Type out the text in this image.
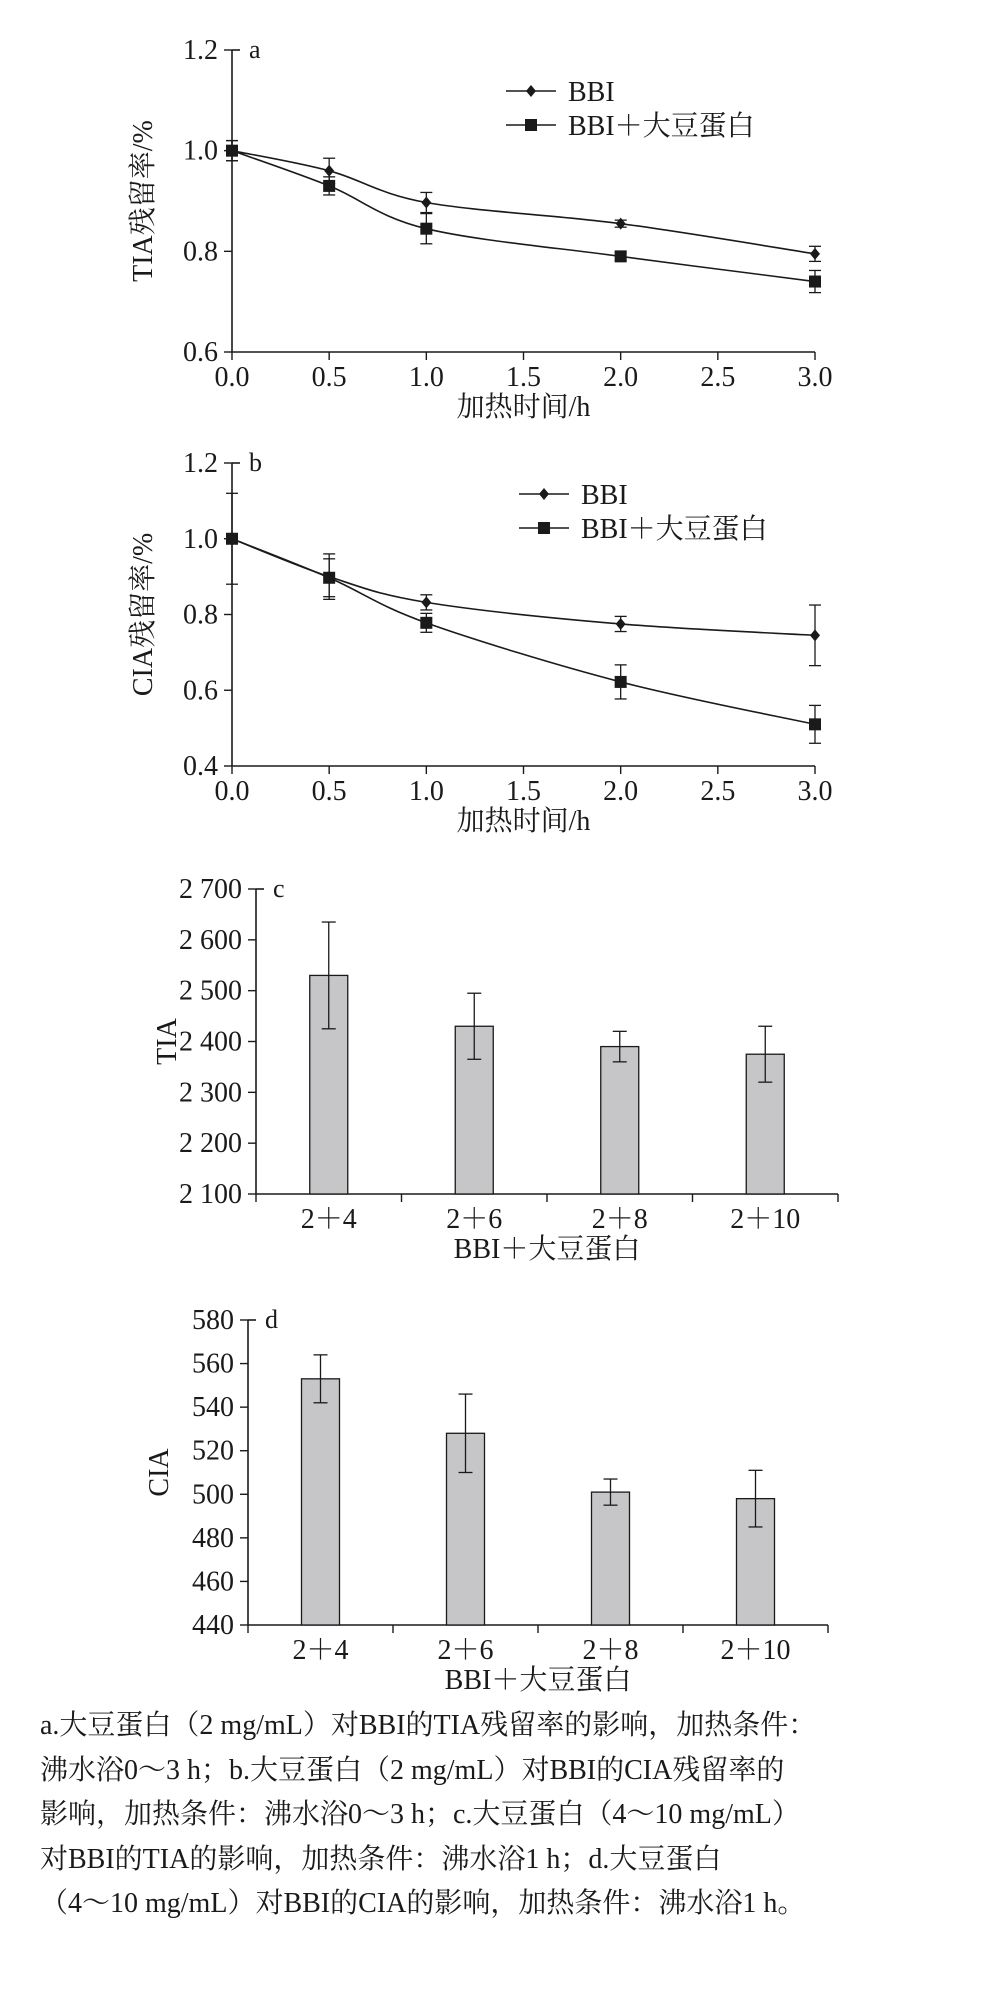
a
0.6
0.8
1.0
1.2
TIA残留率/%
0.0 0.5 1.0 1.5 2.0 2.5 3.0
加热时间/h
BBI
BBI＋大豆蛋白
b
0.4
0.6
0.8
1.0
1.2
CIA残留率/%
0.0 0.5 1.0 1.5 2.0 2.5 3.0
加热时间/h
BBI
BBI＋大豆蛋白
c
2 100
2 200
2 300
2 400
2 500
2 600
2 700
TIA
2＋4	2＋6	2＋8	2＋10
BBI＋大豆蛋白
d
440
460
480
500
520
540
560
580
CIA
2＋4	2＋6	2＋8	2＋10
BBI＋大豆蛋白
a.大豆蛋白（2 mg/mL）对BBI的TIA残留率的影响，加热条件：
沸水浴0～3 h；b.大豆蛋白（2 mg/mL）对BBI的CIA残留率的
影响，加热条件：沸水浴0～3 h；c.大豆蛋白（4～10 mg/mL）
对BBI的TIA的影响，加热条件：沸水浴1 h；d.大豆蛋白
（4～10 mg/mL）对BBI的CIA的影响，加热条件：沸水浴1 h。
